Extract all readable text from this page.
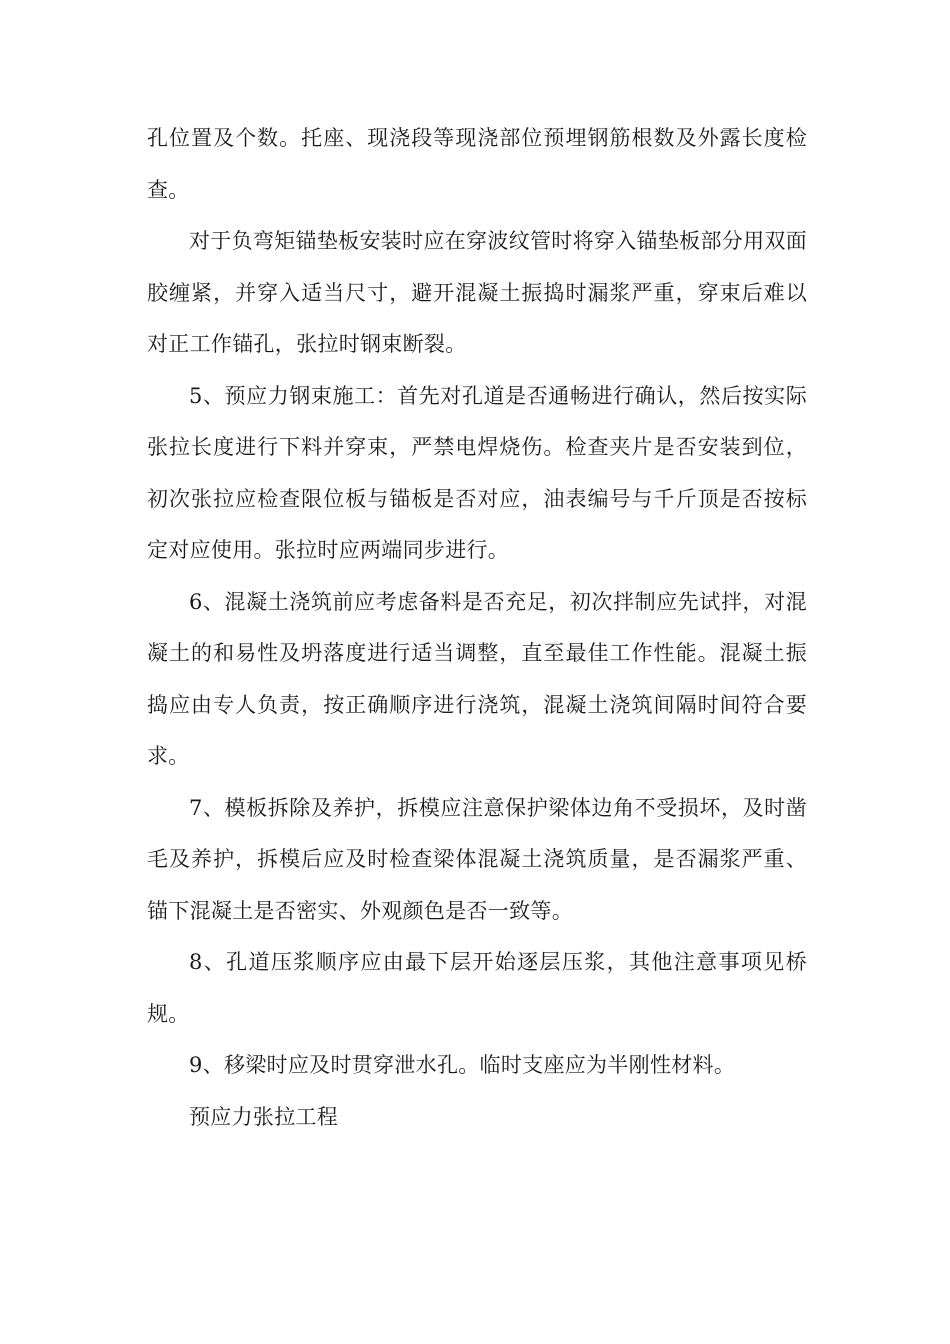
孔位置及个数。托座、现浇段等现浇部位预埋钢筋根数及外露长度检查。

对于负弯矩锚垫板安装时应在穿波纹管时将穿入锚垫板部分用双面胶缠紧，并穿入适当尺寸，避开混凝土振捣时漏浆严重，穿束后难以对正工作锚孔，张拉时钢束断裂。

5、预应力钢束施工：首先对孔道是否通畅进行确认，然后按实际张拉长度进行下料并穿束，严禁电焊烧伤。检查夹片是否安装到位，初次张拉应检查限位板与锚板是否对应，油表编号与千斤顶是否按标定对应使用。张拉时应两端同步进行。

6、混凝土浇筑前应考虑备料是否充足，初次拌制应先试拌，对混凝土的和易性及坍落度进行适当调整，直至最佳工作性能。混凝土振捣应由专人负责，按正确顺序进行浇筑，混凝土浇筑间隔时间符合要求。

7、模板拆除及养护，拆模应注意保护梁体边角不受损坏，及时凿毛及养护，拆模后应及时检查梁体混凝土浇筑质量，是否漏浆严重、锚下混凝土是否密实、外观颜色是否一致等。

8、孔道压浆顺序应由最下层开始逐层压浆，其他注意事项见桥规。

9、移梁时应及时贯穿泄水孔。临时支座应为半刚性材料。

预应力张拉工程
